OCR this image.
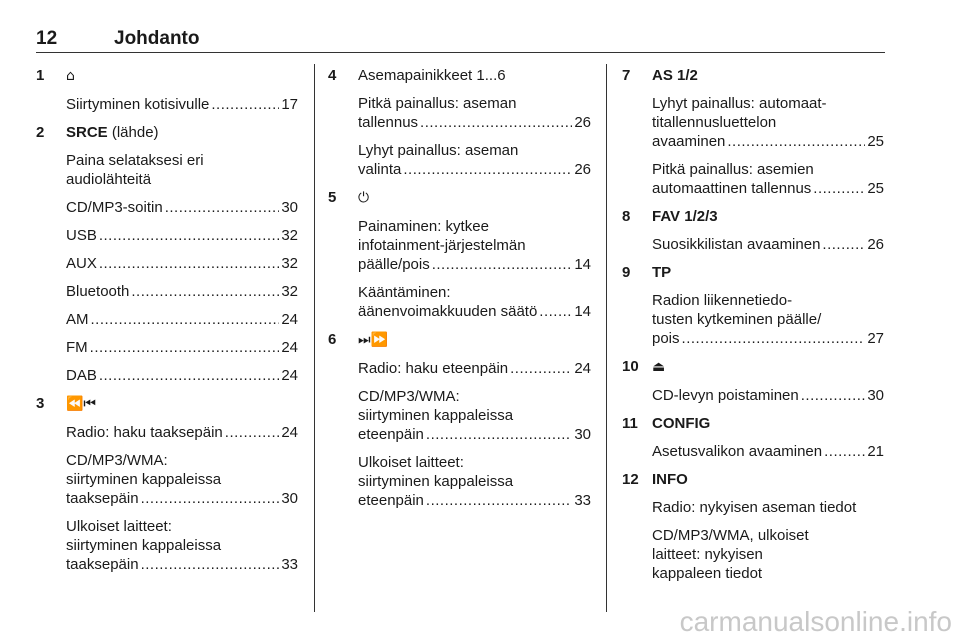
12	Johdanto
1 ⌂
Siirtyminen kotisivulle .....	17
2 SRCE (lähde)
Paina selataksesi eri
audiolähteitä
CD/MP3-soitin .....	30
USB .....	32
AUX .....	32
Bluetooth .....	32
AM .....	24
FM .....	24
DAB .....	24
3 ⏪⏮
Radio: haku taaksepäin .....	24
CD/MP3/WMA:
siirtyminen kappaleissa
taaksepäin .....	30
Ulkoiset laitteet:
siirtyminen kappaleissa
taaksepäin .....	33
4 Asemapainikkeet 1...6
Pitkä painallus: aseman
tallennus .....	26
Lyhyt painallus: aseman
valinta .....	26
5 ⏻
Painaminen: kytkee
infotainment-järjestelmän
päälle/pois .....	14
Kääntäminen:
äänenvoimakkuuden säätö ..... 14
6 ⏭⏩
Radio: haku eteenpäin .....	24
CD/MP3/WMA:
siirtyminen kappaleissa
eteenpäin .....	30
Ulkoiset laitteet:
siirtyminen kappaleissa
eteenpäin .....	33
7 AS 1/2
Lyhyt painallus: automaat-
titallennusluettelon
avaaminen .....	25
Pitkä painallus: asemien
automaattinen tallennus .....	25
8 FAV 1/2/3
Suosikkilistan avaaminen .....	26
9 TP
Radion liikennetiedo-
tusten kytkeminen päälle/
pois .....	27
10 ⏏
CD-levyn poistaminen .....	30
11 CONFIG
Asetusvalikon avaaminen .....	21
12 INFO
Radio: nykyisen aseman tiedot
CD/MP3/WMA, ulkoiset
laitteet: nykyisen
kappaleen tiedot
carmanualsonline.info
